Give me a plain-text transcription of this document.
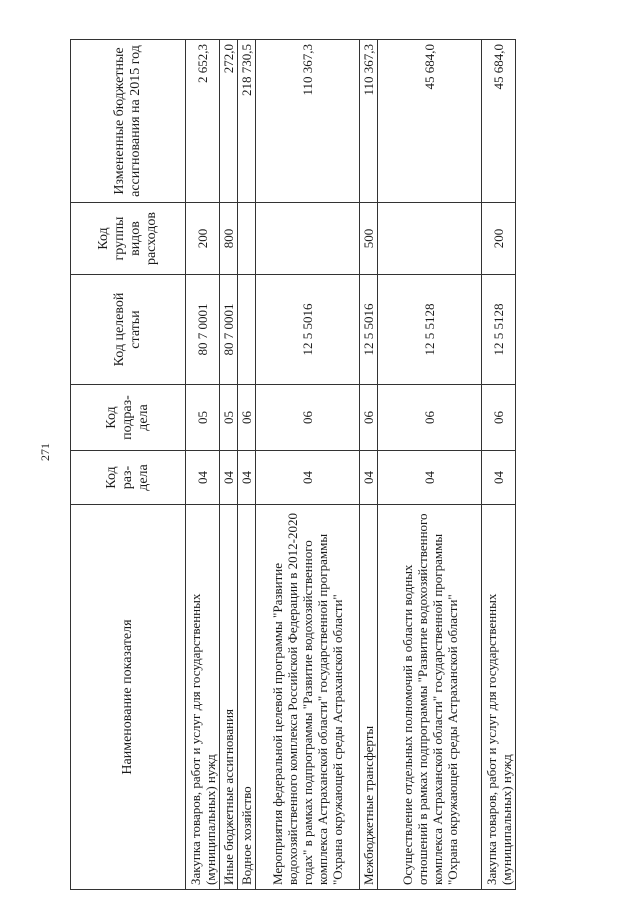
271
Наименование показателя	Код раз-дела	Код подраз-дела	Код целевой статьи	Код группы видов расходов	Измененные бюджетные ассигнования на 2015 год
Закупка товаров, работ и услуг для государственных (муниципальных) нужд	04	05	80 7 0001	200	2 652,3
Иные бюджетные ассигнования	04	05	80 7 0001	800	272,0
Водное хозяйство	04	06			218 730,5
Мероприятия федеральной целевой программы "Развитие водохозяйственного комплекса Российской Федерации в 2012-2020 годах" в рамках подпрограммы "Развитие водохозяйственного комплекса Астраханской области" государственной программы "Охрана окружающей среды Астраханской области"	04	06	12 5 5016		110 367,3
Межбюджетные трансферты	04	06	12 5 5016	500	110 367,3
Осуществление отдельных полномочий в области водных отношений в рамках подпрограммы "Развитие водохозяйственного комплекса Астраханской области" государственной программы "Охрана окружающей среды Астраханской области"	04	06	12 5 5128		45 684,0
Закупка товаров, работ и услуг для государственных (муниципальных) нужд	04	06	12 5 5128	200	45 684,0
